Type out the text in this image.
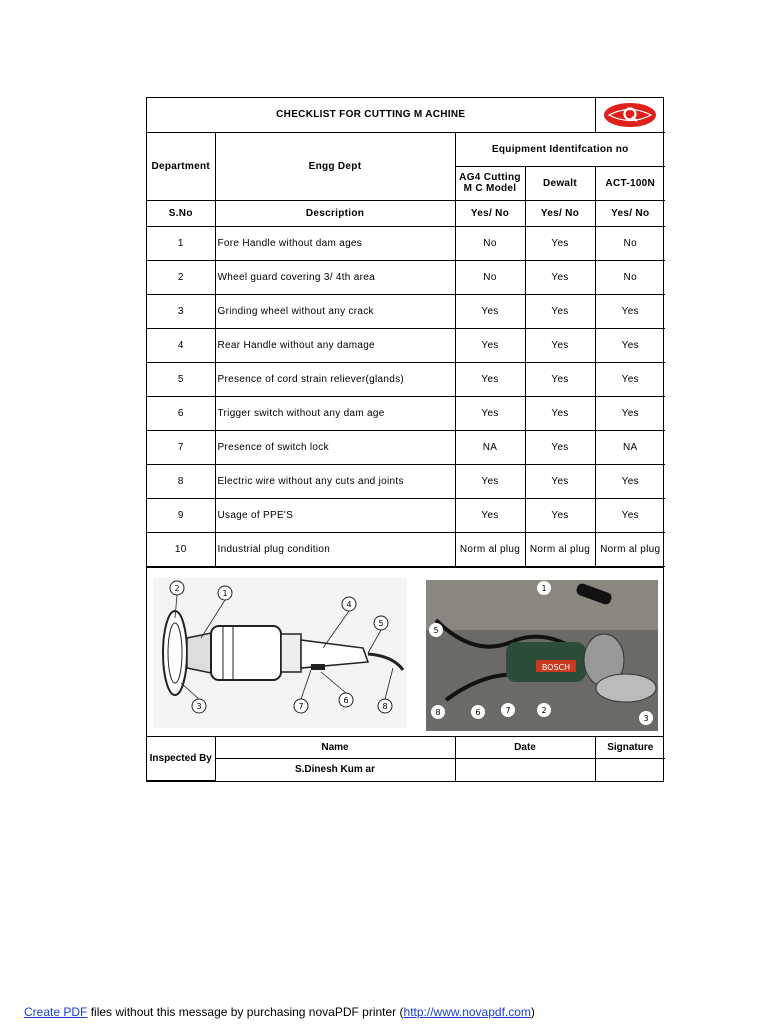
CHECKLIST FOR CUTTING M ACHINE	

Department	Engg Dept	Equipment Identifcation no		
		AG4 Cutting M C Model	Dewalt	ACT-100N
S.No	Description	Yes/ No	Yes/ No	Yes/ No
1	Fore Handle without dam ages	No	Yes	No
2	Wheel guard covering 3/ 4th area	No	Yes	No
3	Grinding wheel without any crack	Yes	Yes	Yes
4	Rear Handle without any damage	Yes	Yes	Yes
5	Presence of cord strain reliever(glands)	Yes	Yes	Yes
6	Trigger switch without any dam age	Yes	Yes	Yes
7	Presence of switch lock	NA	Yes	NA
8	Electric wire without any cuts and joints	Yes	Yes	Yes
9	Usage of PPE'S	Yes	Yes	Yes
10	Industrial plug condition	Norm al plug	Norm al plug	Norm al plug
2
1
4
5
3	7
6
8
BOSCH
1
5
8	6	7	2
3
Inspected By	Name	Date	Signature
	S.Dinesh Kum ar		
Create PDF files without this message by purchasing novaPDF printer (http://www.novapdf.com)
